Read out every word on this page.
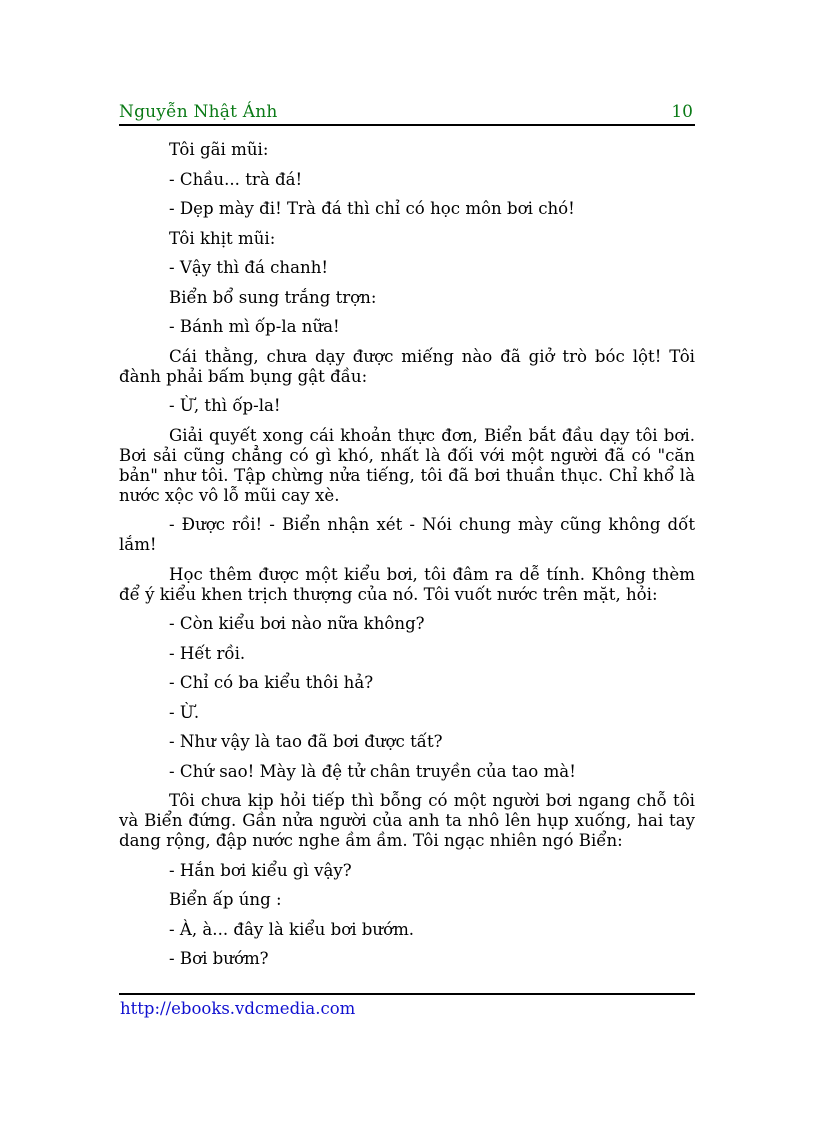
Nguyễn Nhật Ánh	10

Tôi gãi mũi:

- Chầu... trà đá!

- Dẹp mày đi! Trà đá thì chỉ có học môn bơi chó!

Tôi khịt mũi:

- Vậy thì đá chanh!

Biển bổ sung trắng trợn:

- Bánh mì ốp-la nữa!

Cái thằng, chưa dạy được miếng nào đã giở trò bóc lột! Tôi đành phải bấm bụng gật đầu:

- Ừ, thì ốp-la!

Giải quyết xong cái khoản thực đơn, Biển bắt đầu dạy tôi bơi. Bơi sải cũng chẳng có gì khó, nhất là đối với một người đã có "căn bản" như tôi. Tập chừng nửa tiếng, tôi đã bơi thuần thục. Chỉ khổ là nước xộc vô lỗ mũi cay xè.

- Được rồi! - Biển nhận xét - Nói chung mày cũng không dốt lắm!

Học thêm được một kiểu bơi, tôi đâm ra dễ tính. Không thèm để ý kiểu khen trịch thượng của nó. Tôi vuốt nước trên mặt, hỏi:

- Còn kiểu bơi nào nữa không?

- Hết rồi.

- Chỉ có ba kiểu thôi hả?

- Ừ.

- Như vậy là tao đã bơi được tất?

- Chứ sao! Mày là đệ tử chân truyền của tao mà!

Tôi chưa kịp hỏi tiếp thì bỗng có một người bơi ngang chỗ tôi và Biển đứng. Gần nửa người của anh ta nhô lên hụp xuống, hai tay dang rộng, đập nước nghe ầm ầm. Tôi ngạc nhiên ngó Biển:

- Hắn bơi kiểu gì vậy?

Biển ấp úng :

- À, à... đây là kiểu bơi bướm.

- Bơi bướm?

http://ebooks.vdcmedia.com
